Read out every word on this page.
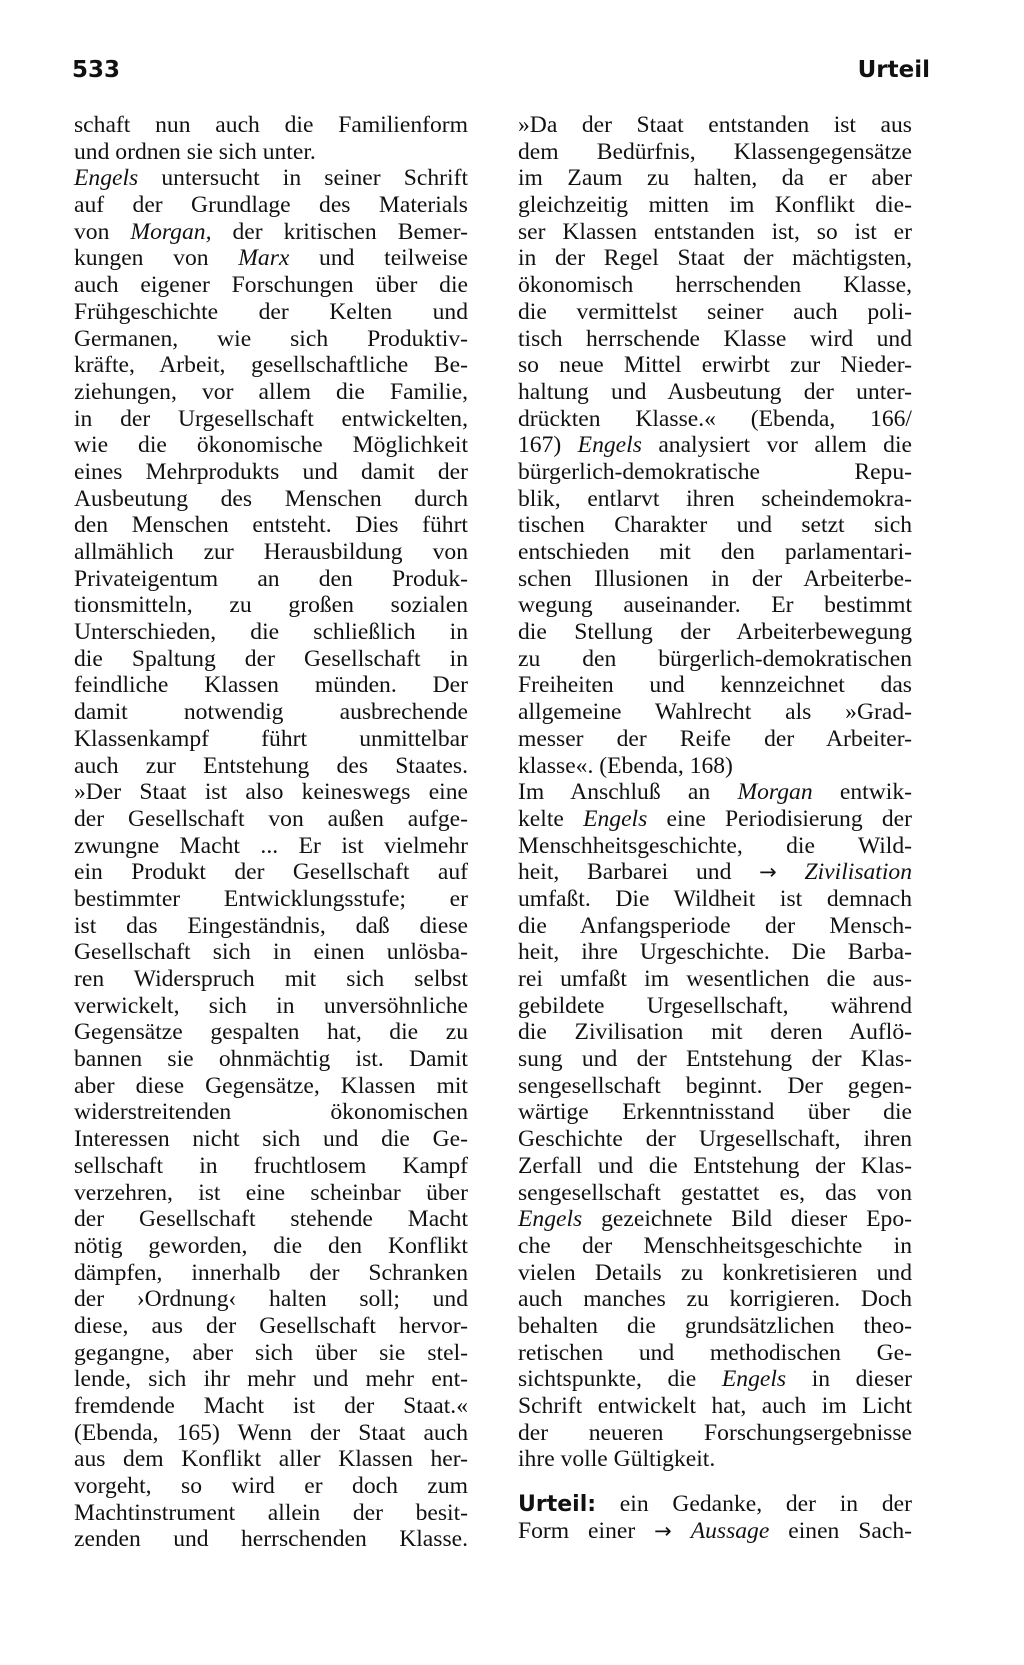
533	Urteil
schaft nun auch die Familienform
und ordnen sie sich unter.
Engels untersucht in seiner Schrift
auf der Grundlage des Materials
von Morgan, der kritischen Bemer-
kungen von Marx und teilweise
auch eigener Forschungen über die
Frühgeschichte der Kelten und
Germanen, wie sich Produktiv-
kräfte, Arbeit, gesellschaftliche Be-
ziehungen, vor allem die Familie,
in der Urgesellschaft entwickelten,
wie die ökonomische Möglichkeit
eines Mehrprodukts und damit der
Ausbeutung des Menschen durch
den Menschen entsteht. Dies führt
allmählich zur Herausbildung von
Privateigentum an den Produk-
tionsmitteln, zu großen sozialen
Unterschieden, die schließlich in
die Spaltung der Gesellschaft in
feindliche Klassen münden. Der
damit notwendig ausbrechende
Klassenkampf führt unmittelbar
auch zur Entstehung des Staates.
»Der Staat ist also keineswegs eine
der Gesellschaft von außen aufge-
zwungne Macht ... Er ist vielmehr
ein Produkt der Gesellschaft auf
bestimmter Entwicklungsstufe; er
ist das Eingeständnis, daß diese
Gesellschaft sich in einen unlösba-
ren Widerspruch mit sich selbst
verwickelt, sich in unversöhnliche
Gegensätze gespalten hat, die zu
bannen sie ohnmächtig ist. Damit
aber diese Gegensätze, Klassen mit
widerstreitenden ökonomischen
Interessen nicht sich und die Ge-
sellschaft in fruchtlosem Kampf
verzehren, ist eine scheinbar über
der Gesellschaft stehende Macht
nötig geworden, die den Konflikt
dämpfen, innerhalb der Schranken
der ›Ordnung‹ halten soll; und
diese, aus der Gesellschaft hervor-
gegangne, aber sich über sie stel-
lende, sich ihr mehr und mehr ent-
fremdende Macht ist der Staat.«
(Ebenda, 165) Wenn der Staat auch
aus dem Konflikt aller Klassen her-
vorgeht, so wird er doch zum
Machtinstrument allein der besit-
zenden und herrschenden Klasse.
»Da der Staat entstanden ist aus
dem Bedürfnis, Klassengegensätze
im Zaum zu halten, da er aber
gleichzeitig mitten im Konflikt die-
ser Klassen entstanden ist, so ist er
in der Regel Staat der mächtigsten,
ökonomisch herrschenden Klasse,
die vermittelst seiner auch poli-
tisch herrschende Klasse wird und
so neue Mittel erwirbt zur Nieder-
haltung und Ausbeutung der unter-
drückten Klasse.« (Ebenda, 166/
167) Engels analysiert vor allem die
bürgerlich-demokratische Repu-
blik, entlarvt ihren scheindemokra-
tischen Charakter und setzt sich
entschieden mit den parlamentari-
schen Illusionen in der Arbeiterbe-
wegung auseinander. Er bestimmt
die Stellung der Arbeiterbewegung
zu den bürgerlich-demokratischen
Freiheiten und kennzeichnet das
allgemeine Wahlrecht als »Grad-
messer der Reife der Arbeiter-
klasse«. (Ebenda, 168)
Im Anschluß an Morgan entwik-
kelte Engels eine Periodisierung der
Menschheitsgeschichte, die Wild-
heit, Barbarei und → Zivilisation
umfaßt. Die Wildheit ist demnach
die Anfangsperiode der Mensch-
heit, ihre Urgeschichte. Die Barba-
rei umfaßt im wesentlichen die aus-
gebildete Urgesellschaft, während
die Zivilisation mit deren Auflö-
sung und der Entstehung der Klas-
sengesellschaft beginnt. Der gegen-
wärtige Erkenntnisstand über die
Geschichte der Urgesellschaft, ihren
Zerfall und die Entstehung der Klas-
sengesellschaft gestattet es, das von
Engels gezeichnete Bild dieser Epo-
che der Menschheitsgeschichte in
vielen Details zu konkretisieren und
auch manches zu korrigieren. Doch
behalten die grundsätzlichen theo-
retischen und methodischen Ge-
sichtspunkte, die Engels in dieser
Schrift entwickelt hat, auch im Licht
der neueren Forschungsergebnisse
ihre volle Gültigkeit.
Urteil: ein Gedanke, der in der
Form einer → Aussage einen Sach-
